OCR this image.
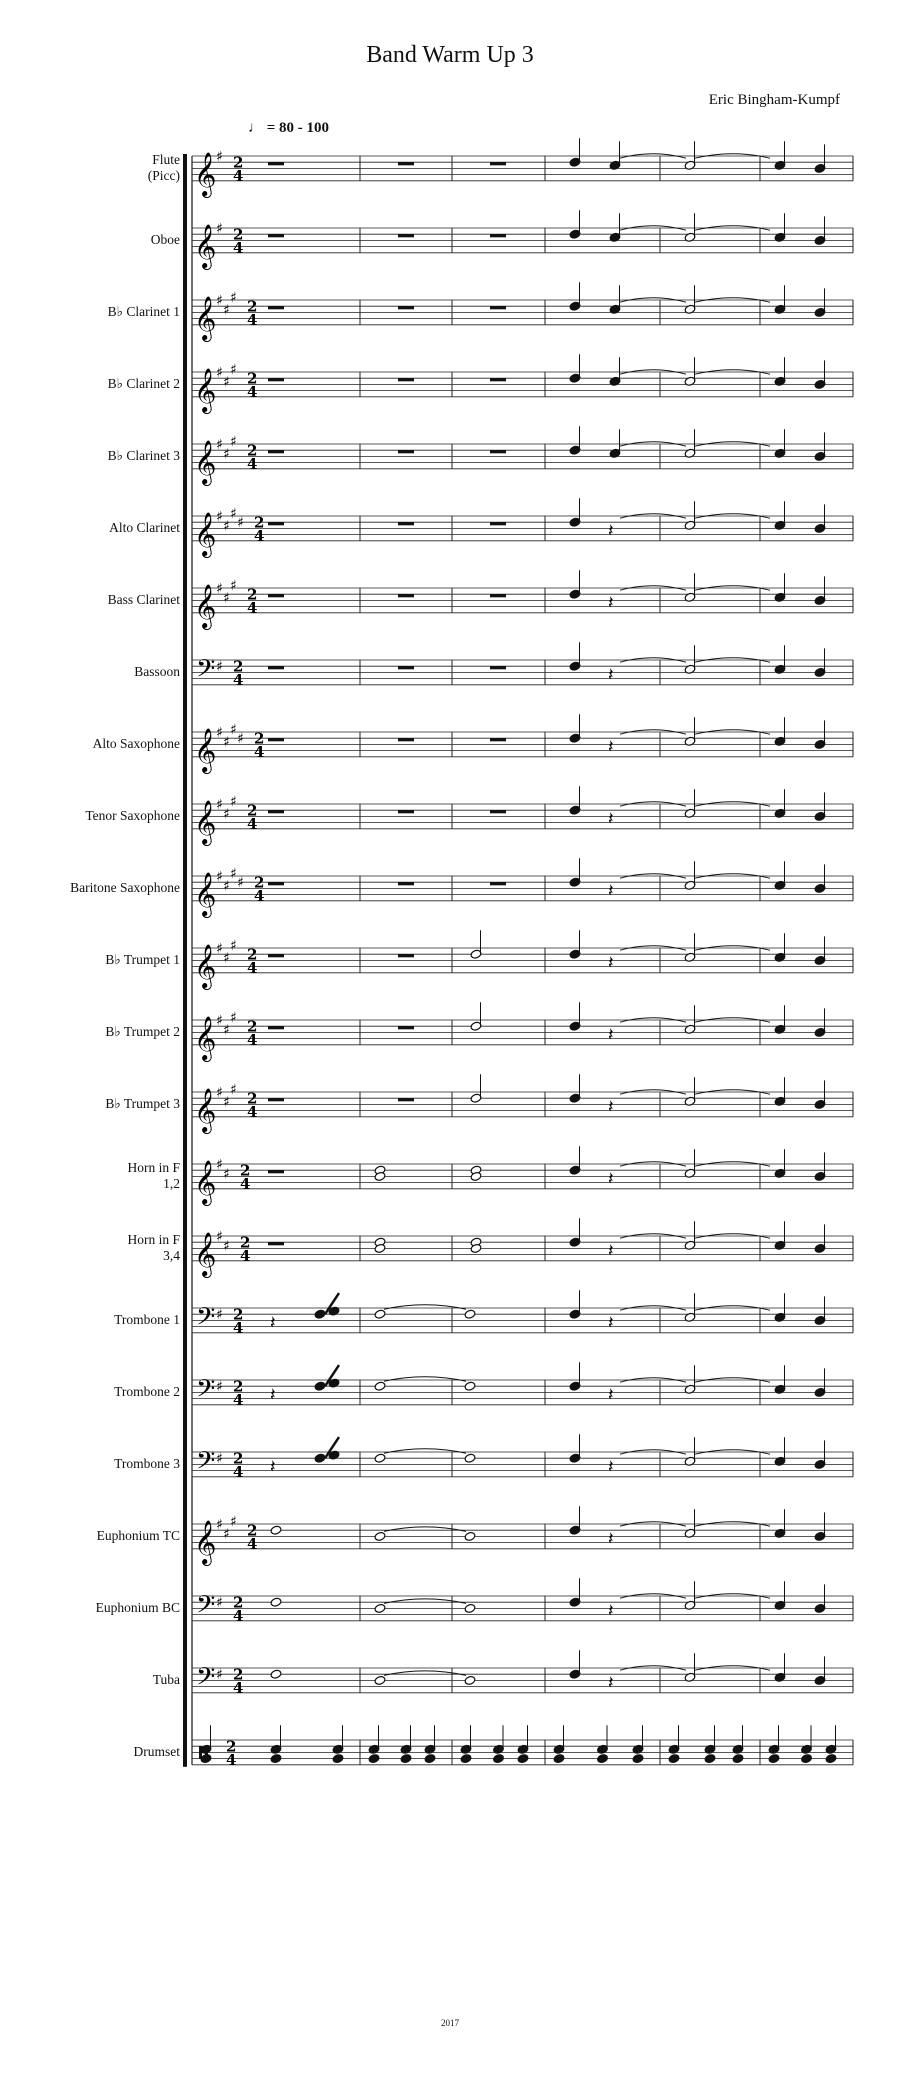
Band Warm Up 3
Eric Bingham-Kumpf
♩ = 80 - 100
Flute
(Picc)
Oboe
B♭ Clarinet 1
B♭ Clarinet 2
B♭ Clarinet 3
Alto Clarinet
Bass Clarinet
Bassoon
Alto Saxophone
Tenor Saxophone
Baritone Saxophone
B♭ Trumpet 1
B♭ Trumpet 2
B♭ Trumpet 3
Horn in F
1,2
Horn in F
3,4
Trombone 1
Trombone 2
Trombone 3
Euphonium TC
Euphonium BC
Tuba
Drumset
𝄞 ♯ 2
4
𝄞 ♯ 2
4
𝄞 ♯
♯
♯ 2
4
𝄞 ♯
♯
♯ 2
4
𝄞 ♯
♯
♯ 2
4
𝄞 ♯
♯
♯
♯ 2
4	𝄽
𝄞 ♯
♯
♯ 2
4	𝄽
𝄢 ♯ 2
4	𝄽
𝄞 ♯
♯
♯
♯ 2
4	𝄽
𝄞 ♯
♯
♯ 2
4	𝄽
𝄞 ♯
♯
♯
♯ 2
4	𝄽
𝄞 ♯
♯
♯ 2
4	𝄽
𝄞 ♯
♯
♯ 2
4	𝄽
𝄞 ♯
♯
♯ 2
4	𝄽
𝄞 ♯
♯ 2
4	𝄽
𝄞 ♯
♯ 2
4	𝄽
𝄢 ♯ 2
4 𝄽	𝄽
𝄢 ♯ 2
4 𝄽	𝄽
𝄢 ♯ 2
4 𝄽	𝄽
𝄞 ♯
♯
♯ 2
4	𝄽
𝄢 ♯ 2
4	𝄽
𝄢 ♯ 2
4	𝄽
2
4
2017
